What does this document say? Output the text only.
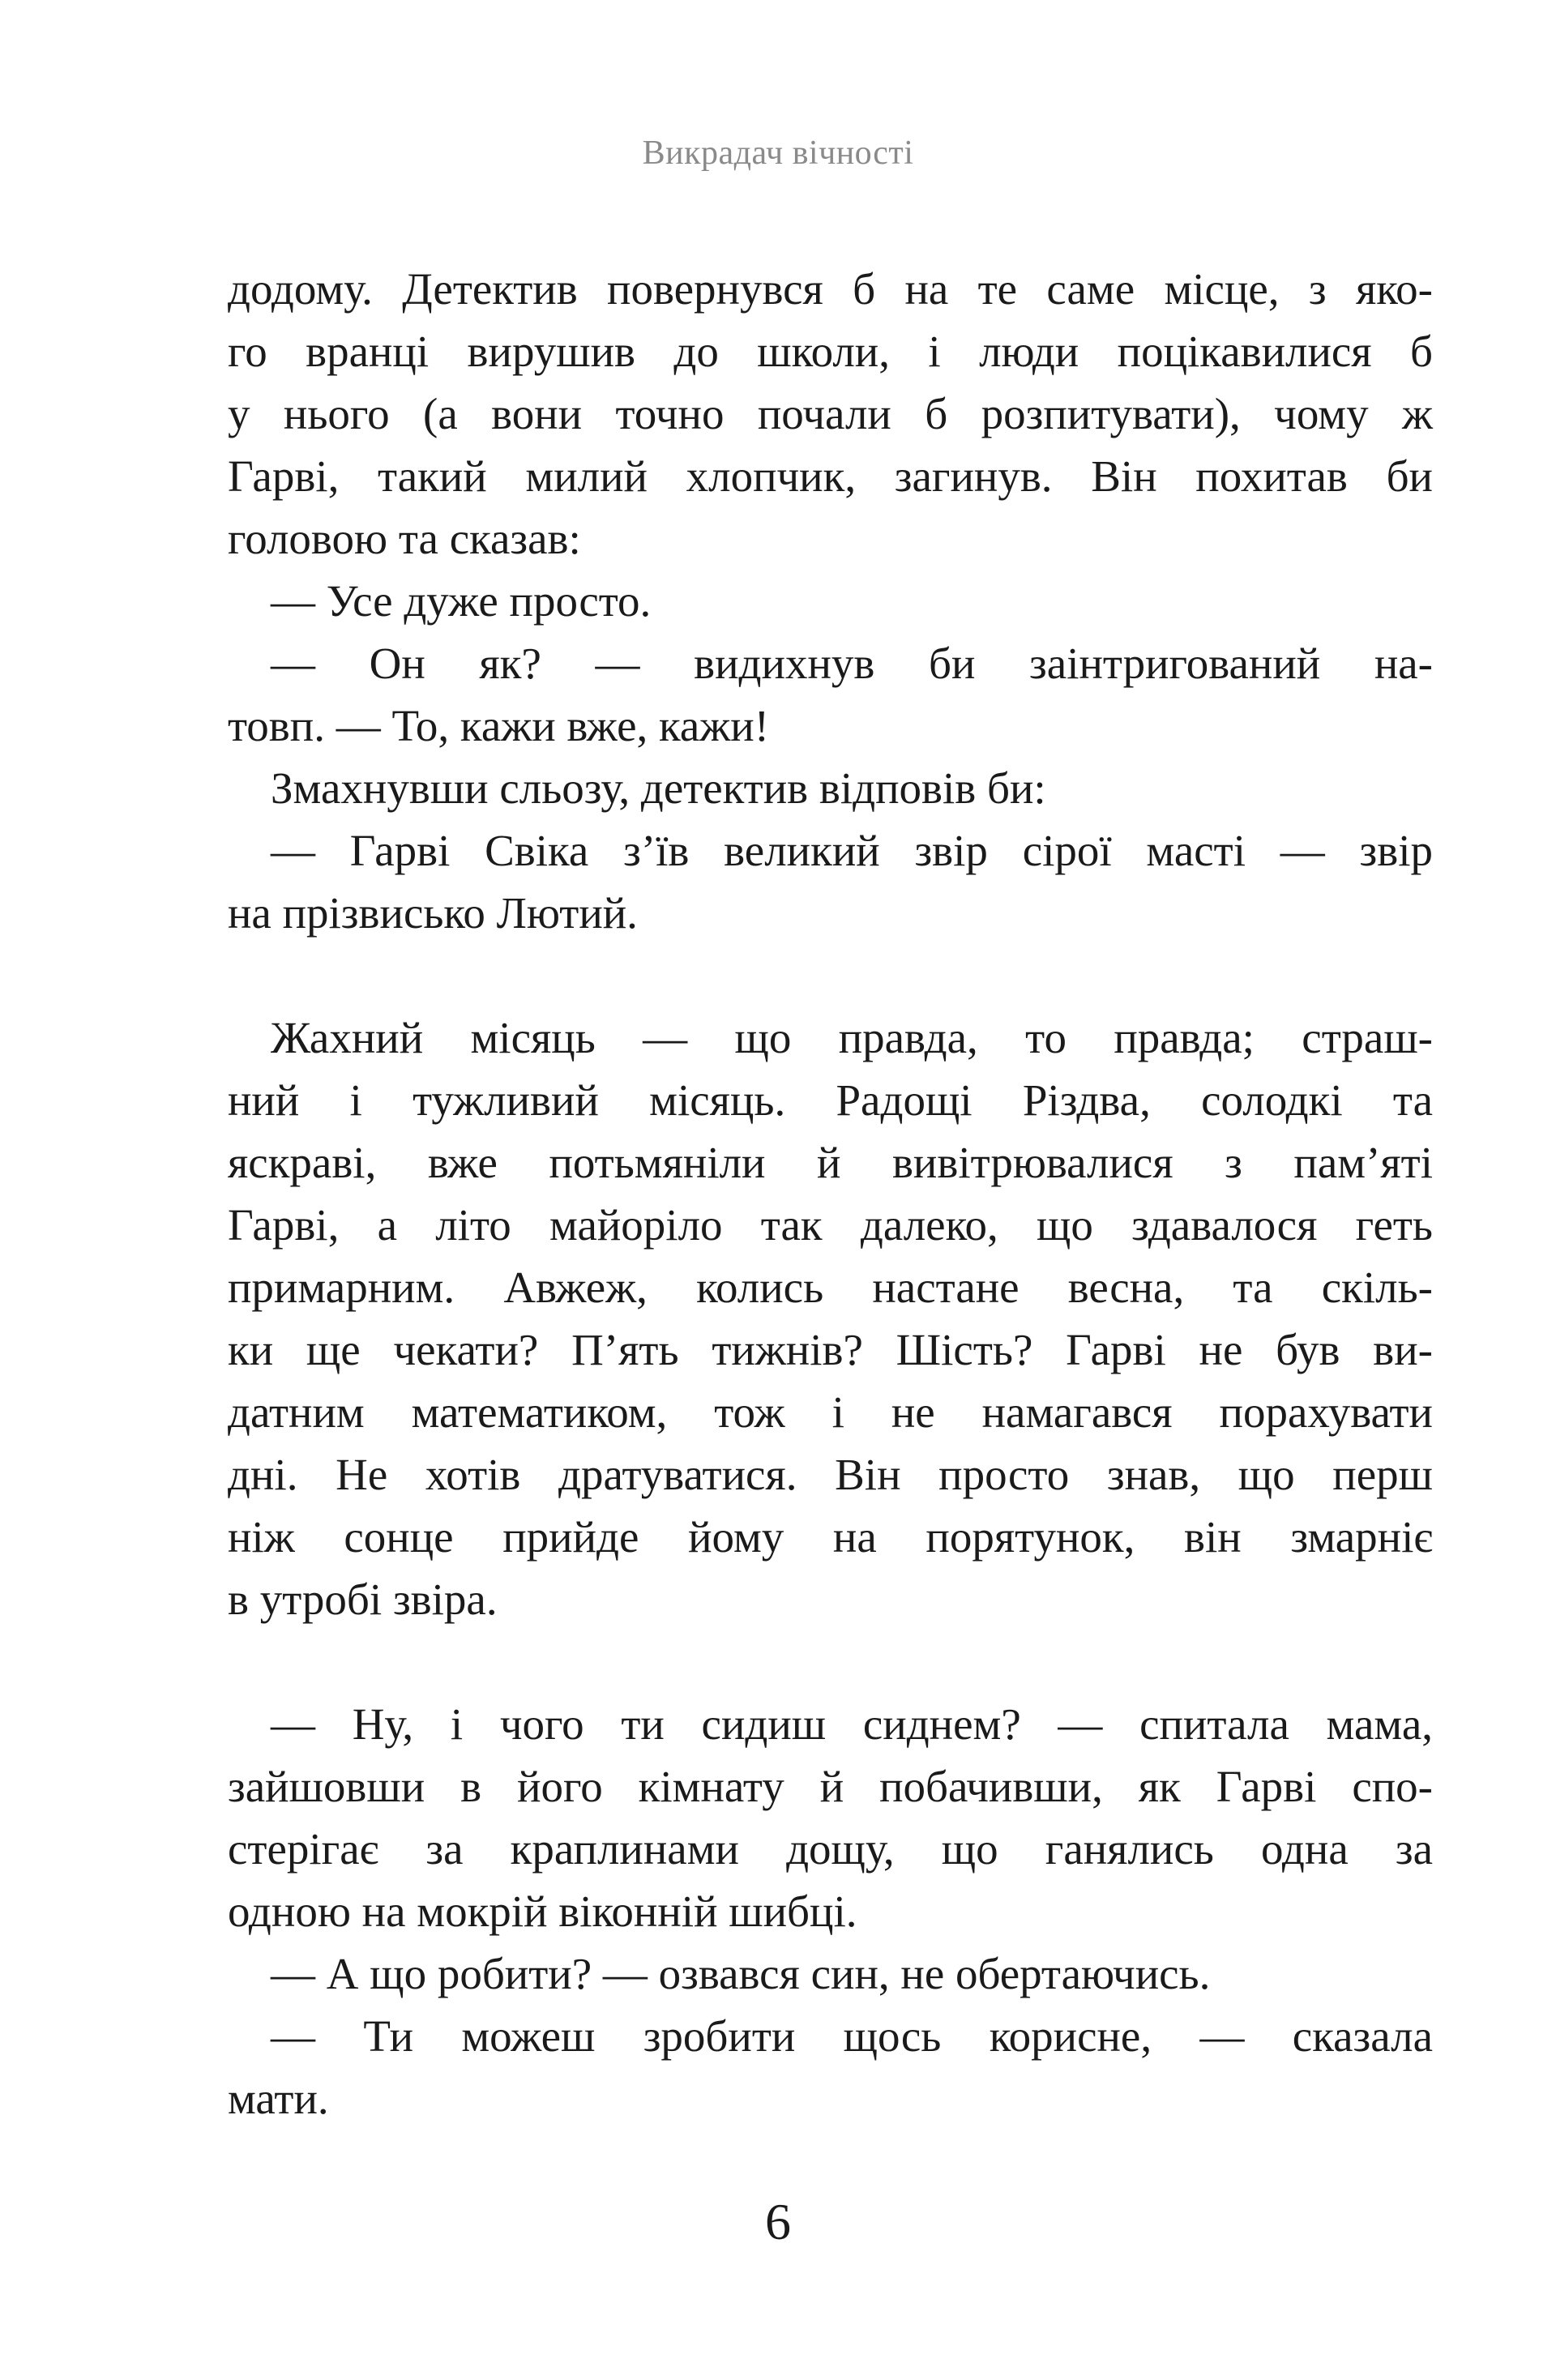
Викрадач вічності
додому. Детектив повернувся б на те саме місце, з яко-
го вранці вирушив до школи, і люди поцікавилися б
у нього (а вони точно почали б розпитувати), чому ж
Гарві, такий милий хлопчик, загинув. Він похитав би
головою та сказав:
— Усе дуже просто.
— Он як? — видихнув би заінтригований на-
товп. — То, кажи вже, кажи!
Змахнувши сльозу, детектив відповів би:
— Гарві Свіка з’їв великий звір сірої масті — звір
на прізвисько Лютий.
Жахний місяць — що правда, то правда; страш-
ний і тужливий місяць. Радощі Різдва, солодкі та
яскраві, вже потьмяніли й вивітрювалися з пам’яті
Гарві, а літо майоріло так далеко, що здавалося геть
примарним. Авжеж, колись настане весна, та скіль-
ки ще чекати? П’ять тижнів? Шість? Гарві не був ви-
датним математиком, тож і не намагався порахувати
дні. Не хотів дратуватися. Він просто знав, що перш
ніж сонце прийде йому на порятунок, він змарніє
в утробі звіра.
— Ну, і чого ти сидиш сиднем? — спитала мама,
зайшовши в його кімнату й побачивши, як Гарві спо-
стерігає за краплинами дощу, що ганялись одна за
одною на мокрій віконній шибці.
— А що робити? — озвався син, не обертаючись.
— Ти можеш зробити щось корисне, — сказала
мати.
6
